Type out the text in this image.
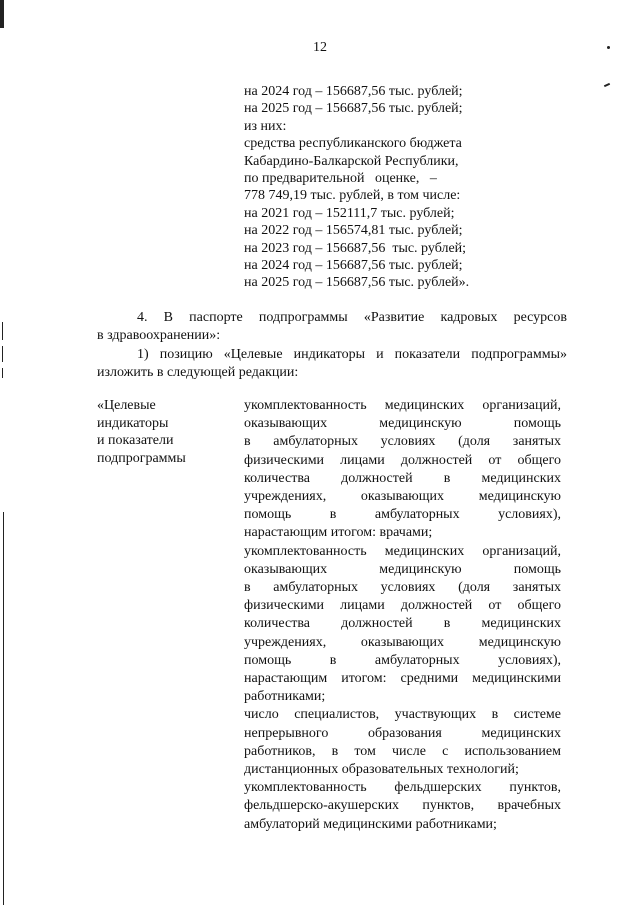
12
на 2024 год – 156687,56 тыс. рублей;
на 2025 год – 156687,56 тыс. рублей;
из них:
средства республиканского бюджета
Кабардино-Балкарской Республики,
по предварительной   оценке,   –
778 749,19 тыс. рублей, в том числе:
на 2021 год – 152111,7 тыс. рублей;
на 2022 год – 156574,81 тыс. рублей;
на 2023 год – 156687,56  тыс. рублей;
на 2024 год – 156687,56 тыс. рублей;
на 2025 год – 156687,56 тыс. рублей».
4. В паспорте подпрограммы «Развитие кадровых ресурсов
в здравоохранении»:
1) позицию «Целевые индикаторы и показатели подпрограммы»
изложить в следующей редакции:
«Целевые
индикаторы
и показатели
подпрограммы
укомплектованность медицинских организаций,
оказывающих медицинскую помощь
в амбулаторных условиях (доля занятых
физическими лицами должностей от общего
количества должностей в медицинских
учреждениях, оказывающих медицинскую
помощь в амбулаторных условиях),
нарастающим итогом: врачами;
укомплектованность медицинских организаций,
оказывающих медицинскую помощь
в амбулаторных условиях (доля занятых
физическими лицами должностей от общего
количества должностей в медицинских
учреждениях, оказывающих медицинскую
помощь в амбулаторных условиях),
нарастающим итогом: средними медицинскими
работниками;
число специалистов, участвующих в системе
непрерывного образования медицинских
работников, в том числе с использованием
дистанционных образовательных технологий;
укомплектованность фельдшерских пунктов,
фельдшерско-акушерских пунктов, врачебных
амбулаторий медицинскими работниками;
